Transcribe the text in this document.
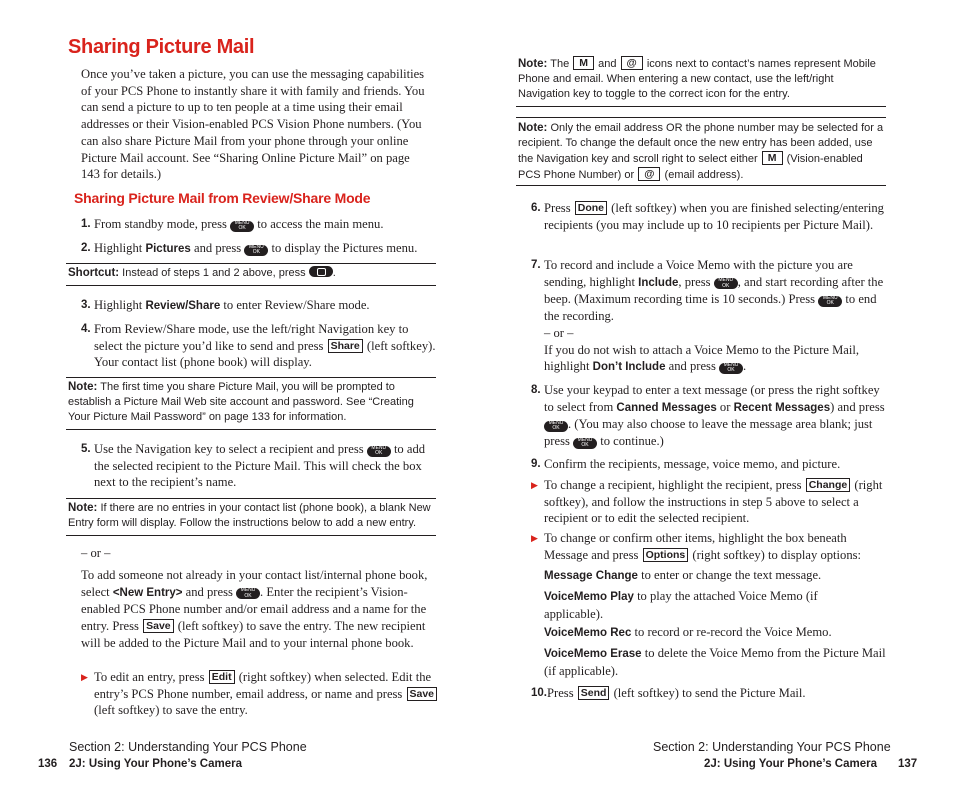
Sharing Picture Mail
Once you’ve taken a picture, you can use the messaging capabilities of your PCS Phone to instantly share it with family and friends. You can send a picture to up to ten people at a time using their email addresses or their Vision-enabled PCS Vision Phone numbers. (You can also share Picture Mail from your phone through your online Picture Mail account. See “Sharing Online Picture Mail” on page 143 for details.)
Sharing Picture Mail from Review/Share Mode
1. From standby mode, press MENU
OK to access the main menu.
2. Highlight Pictures and press MENU
OK to display the Pictures menu.
Shortcut: Instead of steps 1 and 2 above, press .
3. Highlight Review/Share to enter Review/Share mode.
4. From Review/Share mode, use the left/right Navigation key to select the picture you’d like to send and press Share (left softkey). Your contact list (phone book) will display.
Note: The first time you share Picture Mail, you will be prompted to establish a Picture Mail Web site account and password. See “Creating Your Picture Mail Password” on page 133 for information.
5. Use the Navigation key to select a recipient and press MENU
OK to add the selected recipient to the Picture Mail. This will check the box next to the recipient’s name.
Note: If there are no entries in your contact list (phone book), a blank New Entry form will display. Follow the instructions below to add a new entry.
– or –
To add someone not already in your contact list/internal phone book, select <New Entry> and press MENU
OK . Enter the recipient’s Vision-enabled PCS Phone number and/or email address and a name for the entry. Press Save (left softkey) to save the entry. The new recipient will be added to the Picture Mail and to your internal phone book.
▶ To edit an entry, press Edit (right softkey) when selected. Edit the entry’s PCS Phone number, email address, or name and press Save (left softkey) to save the entry.
Section 2: Understanding Your PCS Phone
136 2J: Using Your Phone’s Camera
Note: The M and @ icons next to contact’s names represent Mobile Phone and email. When entering a new contact, use the left/right Navigation key to toggle to the correct icon for the entry.
Note: Only the email address OR the phone number may be selected for a recipient. To change the default once the new entry has been added, use the Navigation key and scroll right to select either M (Vision-enabled PCS Phone Number) or @ (email address).
6. Press Done (left softkey) when you are finished selecting/entering recipients (you may include up to 10 recipients per Picture Mail).
7. To record and include a Voice Memo with the picture you are sending, highlight Include, press MENU
OK , and start recording after the beep. (Maximum recording time is 10 seconds.) Press MENU
OK to end the recording.
– or –
If you do not wish to attach a Voice Memo to the Picture Mail, highlight Don’t Include and press MENU
OK .
8. Use your keypad to enter a text message (or press the right softkey to select from Canned Messages or Recent Messages) and press MENU
OK . (You may also choose to leave the message area blank; just press MENU
OK to continue.)
9. Confirm the recipients, message, voice memo, and picture.
▶ To change a recipient, highlight the recipient, press Change (right softkey), and follow the instructions in step 5 above to select a recipient or to edit the selected recipient.
▶ To change or confirm other items, highlight the box beneath Message and press Options (right softkey) to display options:
Message Change to enter or change the text message.
VoiceMemo Play to play the attached Voice Memo (if applicable).
VoiceMemo Rec to record or re-record the Voice Memo.
VoiceMemo Erase to delete the Voice Memo from the Picture Mail (if applicable).
10. Press Send (left softkey) to send the Picture Mail.
Section 2: Understanding Your PCS Phone
2J: Using Your Phone’s Camera 137
